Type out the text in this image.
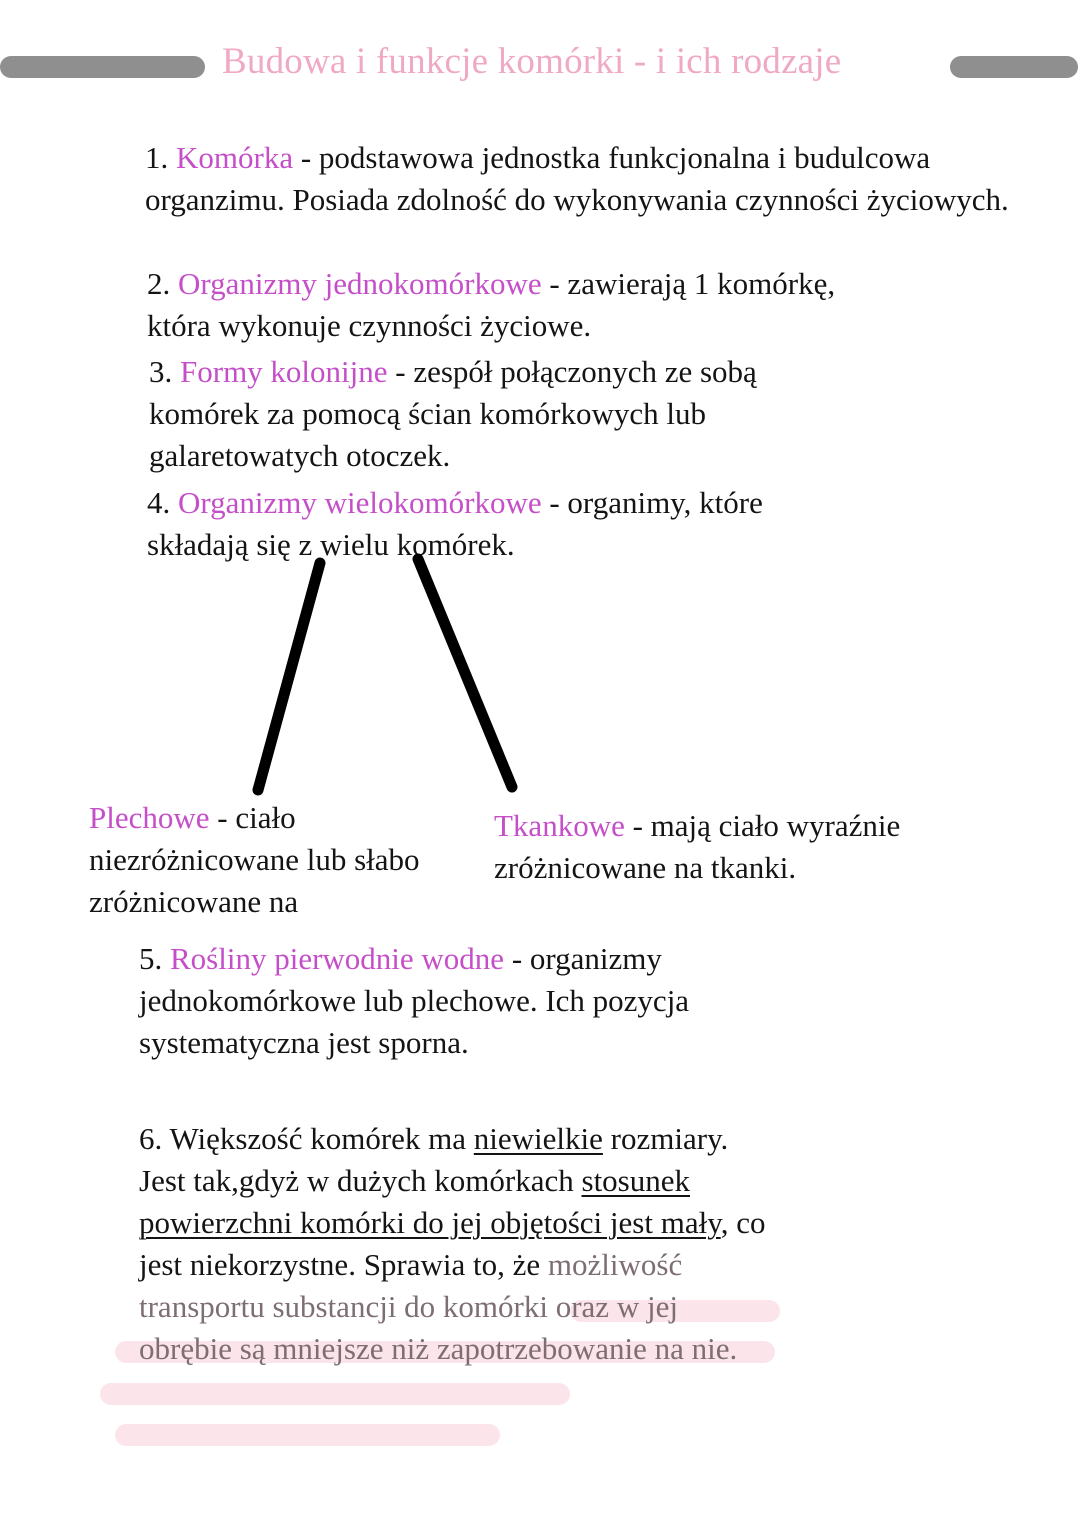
Budowa i funkcje komórki - i ich rodzaje
1. Komórka - podstawowa jednostka funkcjonalna i budulcowa organzimu. Posiada zdolność do wykonywania czynności życiowych.
2. Organizmy jednokomórkowe - zawierają 1 komórkę, która wykonuje czynności życiowe.
3. Formy kolonijne - zespół połączonych ze sobą komórek za pomocą ścian komórkowych lub galaretowatych otoczek.
4. Organizmy wielokomórkowe - organimy, które składają się z wielu komórek.
Plechowe - ciało niezróżnicowane lub słabo zróżnicowane na
Tkankowe - mają ciało wyraźnie zróżnicowane na tkanki.
5. Rośliny pierwodnie wodne - organizmy jednokomórkowe lub plechowe. Ich pozycja systematyczna jest sporna.
6. Większość komórek ma niewielkie rozmiary. Jest tak,gdyż w dużych komórkach stosunek powierzchni komórki do jej objętości jest mały, co jest niekorzystne. Sprawia to, że możliwość transportu substancji do komórki oraz w jej obrębie są mniejsze niż zapotrzebowanie na nie.
